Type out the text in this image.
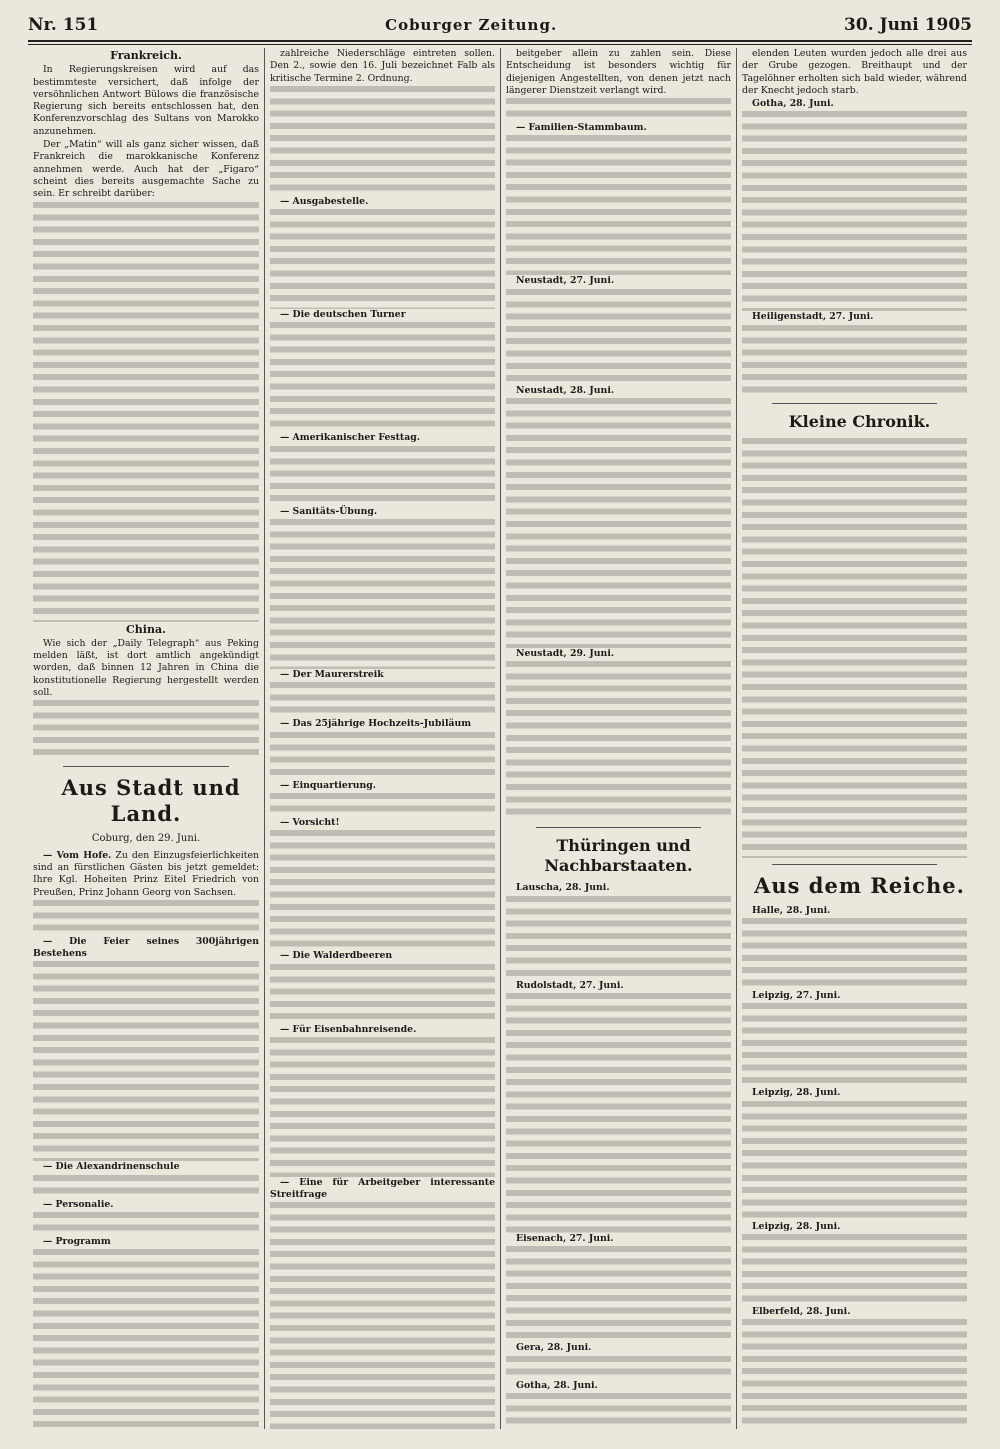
Nr. 151	Coburger Zeitung.	30. Juni 1905

Frankreich.

In Regierungskreisen wird auf das bestimmteste versichert, daß infolge der versöhnlichen Antwort Bülows die französische Regierung sich bereits entschlossen hat, den Konferenzvorschlag des Sultans von Marokko anzunehmen.

Der „Matin“ will als ganz sicher wissen, daß Frankreich die marokkanische Konferenz annehmen werde. Auch hat der „Figaro“ scheint dies bereits ausgemachte Sache zu sein. Er schreibt darüber:

China.

Wie sich der „Daily Telegraph“ aus Peking melden läßt, ist dort amtlich angekündigt worden, daß binnen 12 Jahren in China die konstitutionelle Regierung hergestellt werden soll.

Aus Stadt und Land.

Coburg, den 29. Juni.

— Vom Hofe. Zu den Einzugsfeierlichkeiten sind an fürstlichen Gästen bis jetzt gemeldet: Ihre Kgl. Hoheiten Prinz Eitel Friedrich von Preußen, Prinz Johann Georg von Sachsen.

— Die Feier seines 300jährigen Bestehens

— Die Alexandrinenschule

— Personalie.

— Programm

zahlreiche Niederschläge eintreten sollen. Den 2., sowie den 16. Juli bezeichnet Falb als kritische Termine 2. Ordnung.

— Ausgabestelle.

— Die deutschen Turner

— Amerikanischer Festtag.

— Sanitäts-Übung.

— Der Maurerstreik

— Das 25jährige Hochzeits-Jubiläum

— Einquartierung.

— Vorsicht!

— Die Walderdbeeren

— Für Eisenbahnreisende.

— Eine für Arbeitgeber interessante Streitfrage

beitgeber allein zu zahlen sein. Diese Entscheidung ist besonders wichtig für diejenigen Angestellten, von denen jetzt nach längerer Dienstzeit verlangt wird.

— Familien-Stammbaum.

Neustadt, 27. Juni.

Neustadt, 28. Juni.

Neustadt, 29. Juni.

Thüringen und Nachbarstaaten.

Lauscha, 28. Juni.

Rudolstadt, 27. Juni.

Eisenach, 27. Juni.

Gera, 28. Juni.

Gotha, 28. Juni.

elenden Leuten wurden jedoch alle drei aus der Grube gezogen. Breithaupt und der Tagelöhner erholten sich bald wieder, während der Knecht jedoch starb.

Gotha, 28. Juni.

Heiligenstadt, 27. Juni.

Kleine Chronik.

Aus dem Reiche.

Halle, 28. Juni.

Leipzig, 27. Juni.

Leipzig, 28. Juni.

Leipzig, 28. Juni.

Elberfeld, 28. Juni.
